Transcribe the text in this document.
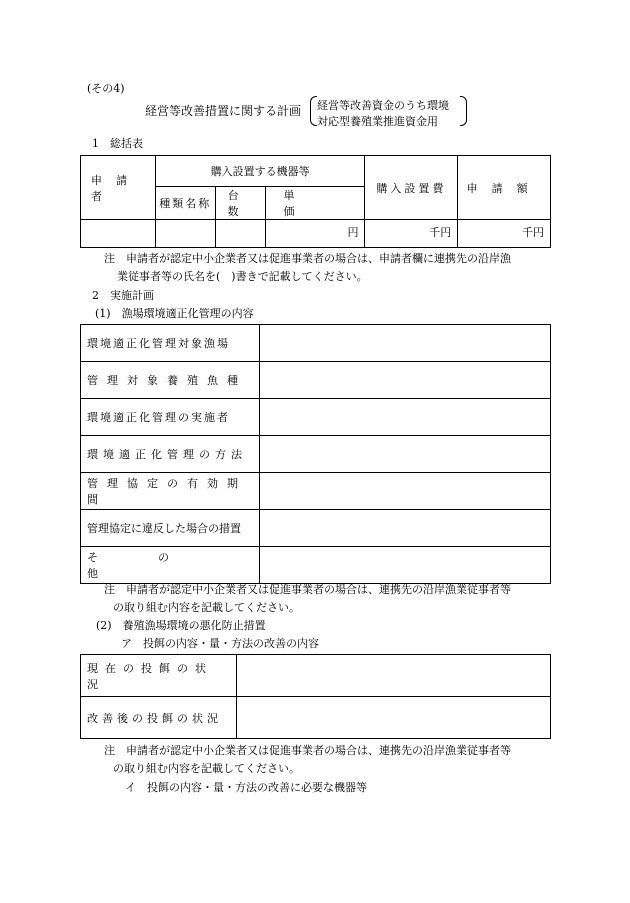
(その4)
経営等改善措置に関する計画 経営等改善資金のうち環境
対応型養殖業推進資金用
1　総括表
申請者	購入設置する機器等			購入設置費	申請額
	種類名称	台数	単価		
			円	千円	千円
注　申請者が認定中小企業者又は促進事業者の場合は、申請者欄に連携先の沿岸漁
業従事者等の氏名を(　)書きで記載してください。
2　実施計画
(1)　漁場環境適正化管理の内容
環境適正化管理対象漁場	

管理対象養殖魚種	

環境適正化管理の実施者	

環境適正化管理の方法	

管理協定の有効期間	

管理協定に違反した場合の措置	

その他	

注　申請者が認定中小企業者又は促進事業者の場合は、連携先の沿岸漁業従事者等
の取り組む内容を記載してください。
(2)　養殖漁場環境の悪化防止措置
ア　投餌の内容・量・方法の改善の内容
現在の投餌の状況	

改善後の投餌の状況	

注　申請者が認定中小企業者又は促進事業者の場合は、連携先の沿岸漁業従事者等
の取り組む内容を記載してください。
イ　投餌の内容・量・方法の改善に必要な機器等
